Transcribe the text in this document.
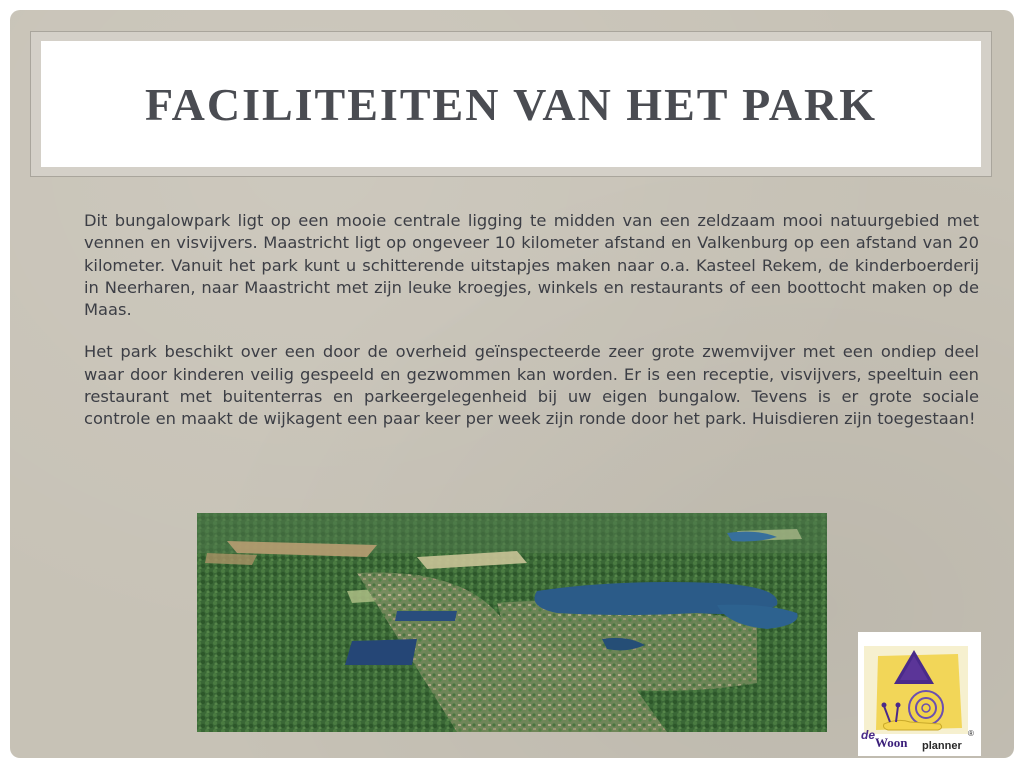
FACILITEITEN VAN HET PARK

Dit bungalowpark ligt op een mooie centrale ligging te midden van een zeldzaam mooi natuurgebied met vennen en visvijvers. Maastricht ligt op ongeveer 10 kilometer afstand en Valkenburg op een afstand van 20 kilometer. Vanuit het park kunt u schitterende uitstapjes maken naar o.a. Kasteel Rekem, de kinderboerderij in Neerharen, naar Maastricht met zijn leuke kroegjes, winkels en restaurants of een boottocht maken op de Maas.

Het park beschikt over een door de overheid geïnspecteerde zeer grote zwemvijver met een ondiep deel waar door kinderen veilig gespeeld en gezwommen kan worden. Er is een receptie, visvijvers, speeltuin een restaurant met buitenterras en parkeergelegenheid bij uw eigen bungalow. Tevens is er grote sociale controle en maakt de wijkagent een paar keer per week zijn ronde door het park. Huisdieren zijn toegestaan!

de Woon planner
®
